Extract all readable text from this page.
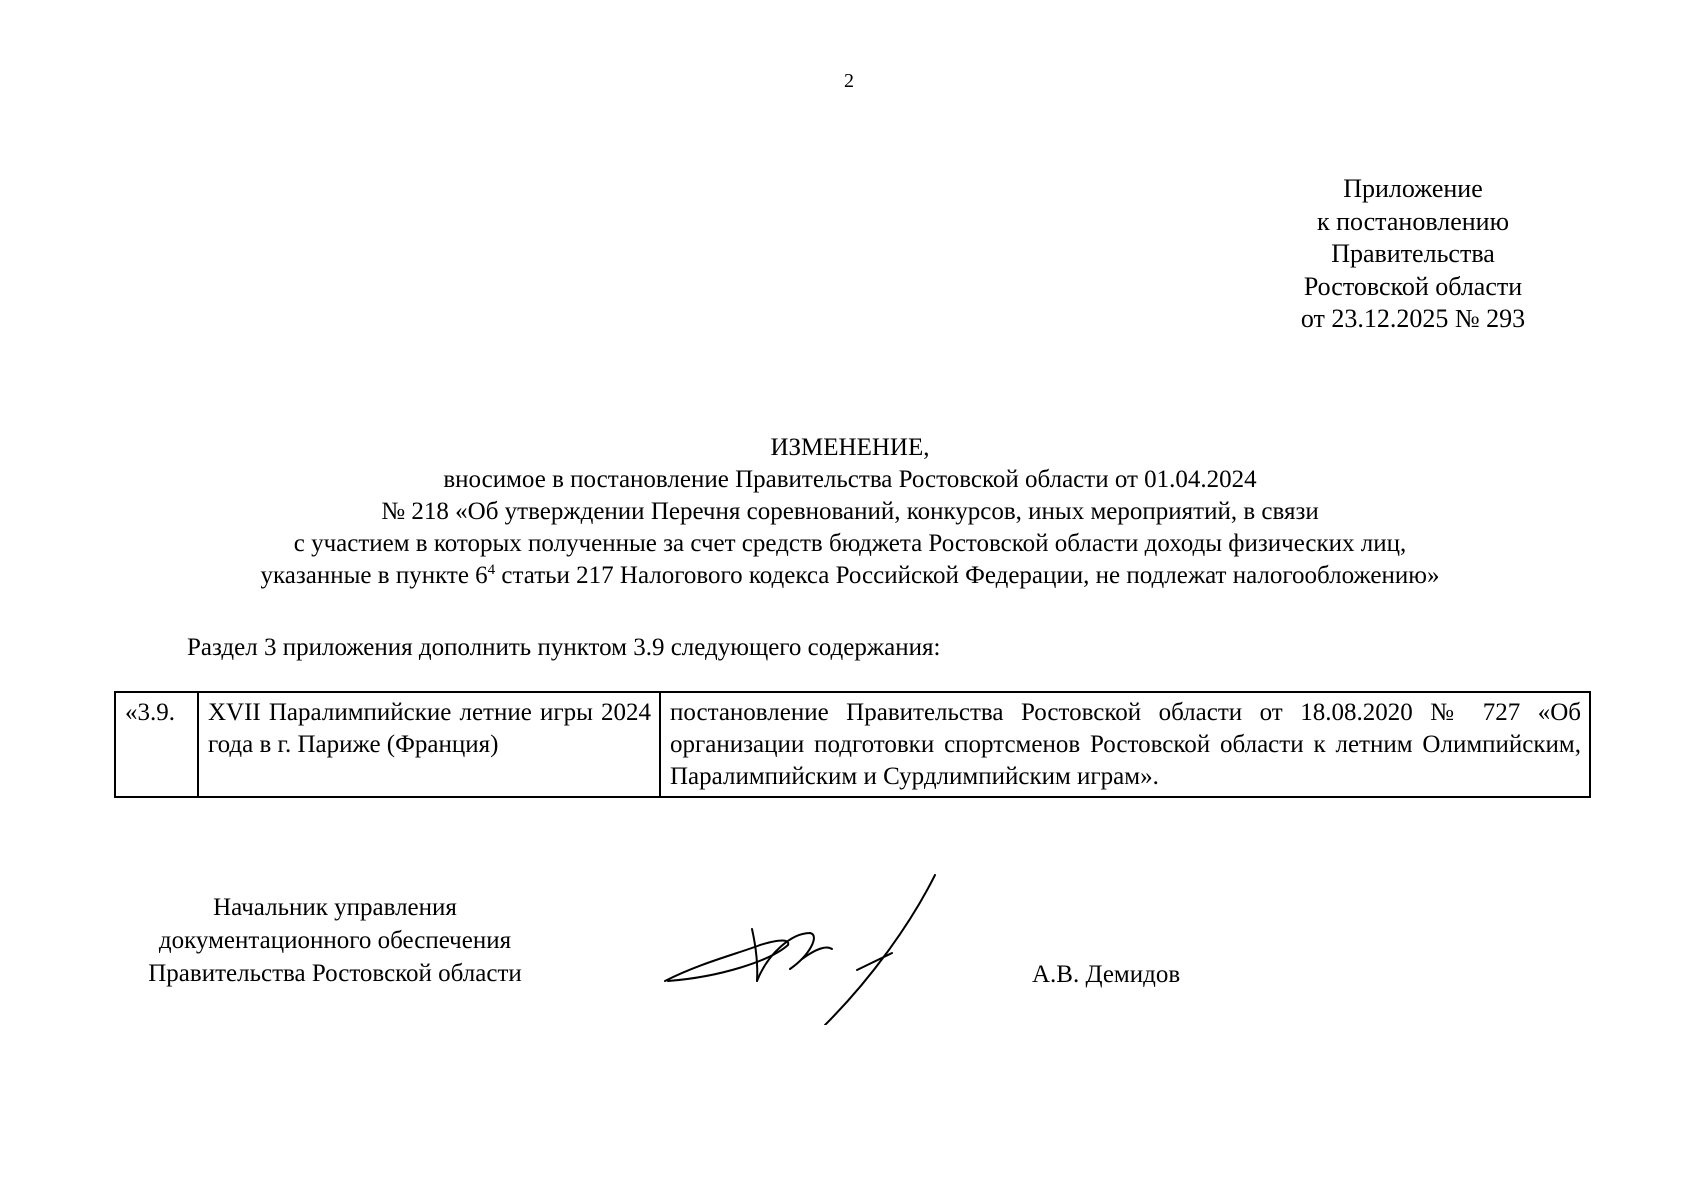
2
Приложение
к постановлению
Правительства
Ростовской области
от 23.12.2025 № 293
ИЗМЕНЕНИЕ,
вносимое в постановление Правительства Ростовской области от 01.04.2024
№ 218 «Об утверждении Перечня соревнований, конкурсов, иных мероприятий, в связи
с участием в которых полученные за счет средств бюджета Ростовской области доходы физических лиц,
указанные в пункте $6^4$ статьи 217 Налогового кодекса Российской Федерации, не подлежат налогообложению»
Раздел 3 приложения дополнить пунктом 3.9 следующего содержания:
«3.9.	XVII Паралимпийские летние игры 2024 года в г. Париже (Франция)	постановление Правительства Ростовской области от 18.08.2020 № 727 «Об организации подготовки спортсменов Ростовской области к летним Олимпийским, Паралимпийским и Сурдлимпийским играм».
Начальник управления
документационного обеспечения
Правительства Ростовской области	А.В. Демидов
